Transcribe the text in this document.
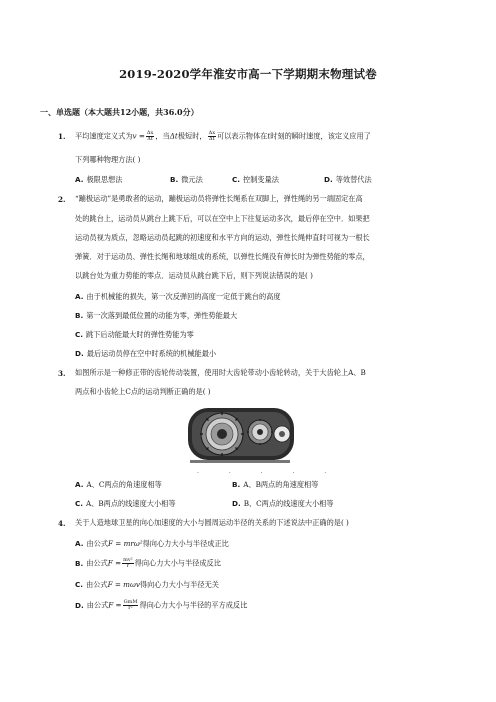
2019-2020学年淮安市高一下学期期末物理试卷
一、单选题（本大题共12小题，共36.0分）
1. 平均速度定义式为$v = \frac{\Delta x}{\Delta t}$ ，当Δt极短时， $\frac{\Delta x}{\Delta t}$ 可以表示物体在t时刻的瞬时速度，该定义应用了
下列哪种物理方法( )
A. 极限思想法	B. 微元法	C. 控制变量法	D. 等效替代法
2. “蹦极运动”是勇敢者的运动，蹦极运动员将弹性长绳系在双脚上，弹性绳的另一端固定在高
处的跳台上，运动员从跳台上跳下后，可以在空中上下往复运动多次，最后停在空中．如果把
运动员视为质点，忽略运动员起跳的初速度和水平方向的运动，弹性长绳伸直时可视为一根长
弹簧．对于运动员、弹性长绳和地球组成的系统，以弹性长绳没有伸长时为弹性势能的零点，
以跳台处为重力势能的零点．运动员从跳台跳下后，则下列说法错误的是( )
A. 由于机械能的损失，第一次反弹回的高度一定低于跳台的高度
B. 第一次落到最低位置的动能为零，弹性势能最大
C. 跳下后动能最大时的弹性势能为零
D. 最后运动员停在空中时系统的机械能最小
3. 如图所示是一种修正带的齿轮传动装置，使用时大齿轮带动小齿轮转动，关于大齿轮上A、B
两点和小齿轮上C点的运动判断正确的是( )
. . . . .
A. A、C两点的角速度相等	B. A、B两点的角速度相等
C. A、B两点的线速度大小相等	D. B、C两点的线速度大小相等
4. 关于人造地球卫星的向心加速度的大小与圆周运动半径的关系的下述说法中正确的是( )
A. 由公式F = mrω²得向心力大小与半径成正比
B. 由公式$F = \frac{\text{mv²}}{r}$ 得向心力大小与半径成反比
C. 由公式F = mωv得向心力大小与半径无关
D. 由公式$F = \frac{\text{GmM}}{\text{r²}}$ 得向心力大小与半径的平方成反比
